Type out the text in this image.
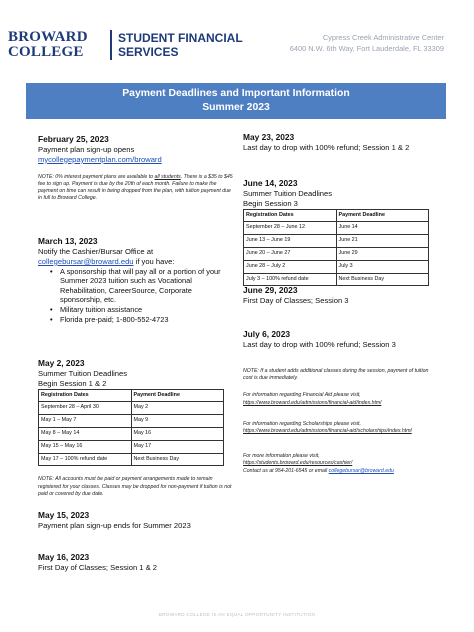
BROWARD
COLLEGE
STUDENT FINANCIAL
SERVICES
Cypress Creek Administrative Center
6400 N.W. 6th Way, Fort Lauderdale, FL 33309
Payment Deadlines and Important Information
Summer 2023
February 25, 2023
Payment plan sign-up opens
mycollegepaymentplan.com/broward
NOTE: 0% interest payment plans are available to all students. There is a $35 to $45 fee to sign up. Payment is due by the 20th of each month. Failure to make the payment on time can result in being dropped from the plan, with tuition payment due in full to Broward College.
March 13, 2023
Notify the Cashier/Bursar Office at
collegebursar@broward.edu if you have:
• A sponsorship that will pay all or a portion of your Summer 2023 tuition such as Vocational Rehabilitation, CareerSource, Corporate sponsorship, etc.
• Military tuition assistance
• Florida pre-paid; 1-800-552-4723
May 2, 2023
Summer Tuition Deadlines
Begin Session 1 & 2
Registration Dates	Payment Deadline
September 28 – April 30	May 2
May 1 – May 7	May 9
May 8 – May 14	May 16
May 15 – May 16	May 17
May 17 – 100% refund date	Next Business Day
NOTE: All accounts must be paid or payment arrangements made to remain registered for your classes. Classes may be dropped for non-payment if tuition is not paid or covered by due date.
May 15, 2023
Payment plan sign-up ends for Summer 2023
May 16, 2023
First Day of Classes; Session 1 & 2
May 23, 2023
Last day to drop with 100% refund; Session 1 & 2
June 14, 2023
Summer Tuition Deadlines
Begin Session 3
Registration Dates	Payment Deadline
September 28 – June 12	June 14
June 13 – June 19	June 21
June 20 – June 27	June 29
June 28 – July 2	July 3
July 3 – 100% refund date	Next Business Day
June 29, 2023
First Day of Classes; Session 3
July 6, 2023
Last day to drop with 100% refund; Session 3
NOTE: If a student adds additional classes during the session, payment of tuition cost is due immediately.
For information regarding Financial Aid please visit,
https://www.broward.edu/admissions/financial-aid/index.html
For information regarding Scholarships please visit,
https://www.broward.edu/admissions/financial-aid/scholarships/index.html
For more information please visit,
https://students.broward.edu/resources/cashier/
Contact us at 954-201-6545 or email collegebursar@broward.edu
BROWARD COLLEGE IS AN EQUAL OPPORTUNITY INSTITUTION
